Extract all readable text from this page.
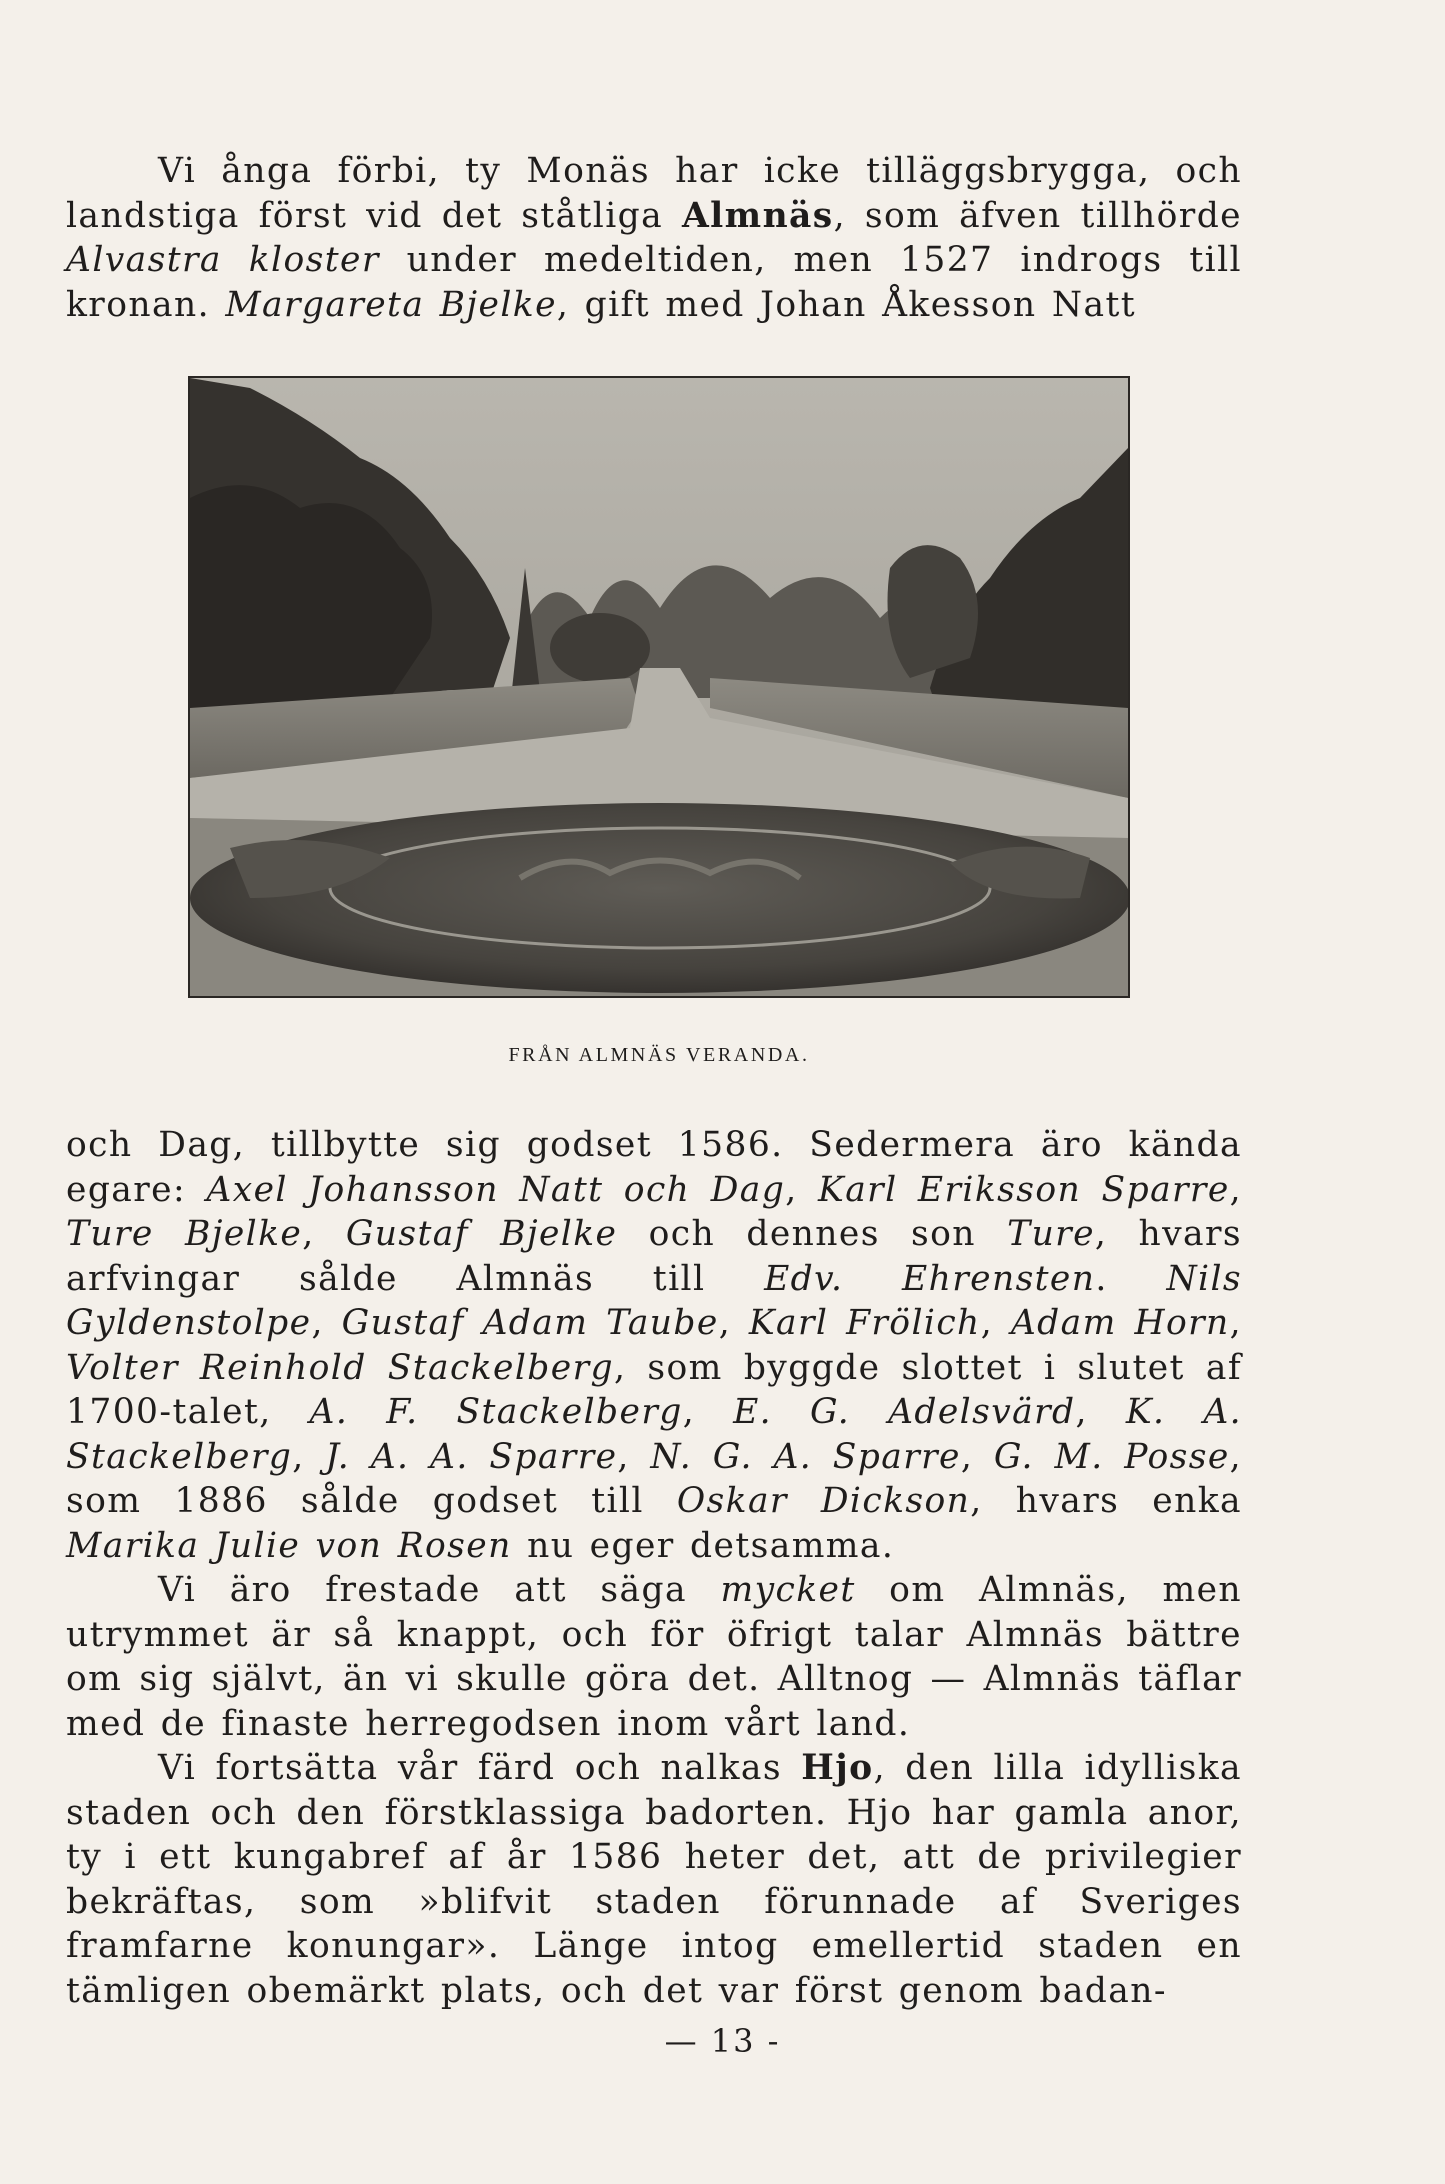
Vi ånga förbi, ty Monäs har icke tilläggsbrygga, och landstiga först vid det ståtliga Almnäs, som äfven tillhörde Alvastra kloster under medeltiden, men 1527 indrogs till kronan. Margareta Bjelke, gift med Johan Åkesson Natt

FRÅN ALMNÄS VERANDA.

och Dag, tillbytte sig godset 1586. Sedermera äro kända egare: Axel Johansson Natt och Dag, Karl Eriksson Sparre, Ture Bjelke, Gustaf Bjelke och dennes son Ture, hvars arfvingar sålde Almnäs till Edv. Ehrensten. Nils Gyldenstolpe, Gustaf Adam Taube, Karl Frölich, Adam Horn, Volter Reinhold Stackelberg, som byggde slottet i slutet af 1700-talet, A. F. Stackelberg, E. G. Adelsvärd, K. A. Stackelberg, J. A. A. Sparre, N. G. A. Sparre, G. M. Posse, som 1886 sålde godset till Oskar Dickson, hvars enka Marika Julie von Rosen nu eger detsamma.

Vi äro frestade att säga mycket om Almnäs, men utrymmet är så knappt, och för öfrigt talar Almnäs bättre om sig självt, än vi skulle göra det. Alltnog — Almnäs täflar med de finaste herregodsen inom vårt land.

Vi fortsätta vår färd och nalkas Hjo, den lilla idylliska staden och den förstklassiga badorten. Hjo har gamla anor, ty i ett kungabref af år 1586 heter det, att de privilegier bekräftas, som »blifvit staden förunnade af Sveriges framfarne konungar». Länge intog emellertid staden en tämligen obemärkt plats, och det var först genom badan-

— 13 -
